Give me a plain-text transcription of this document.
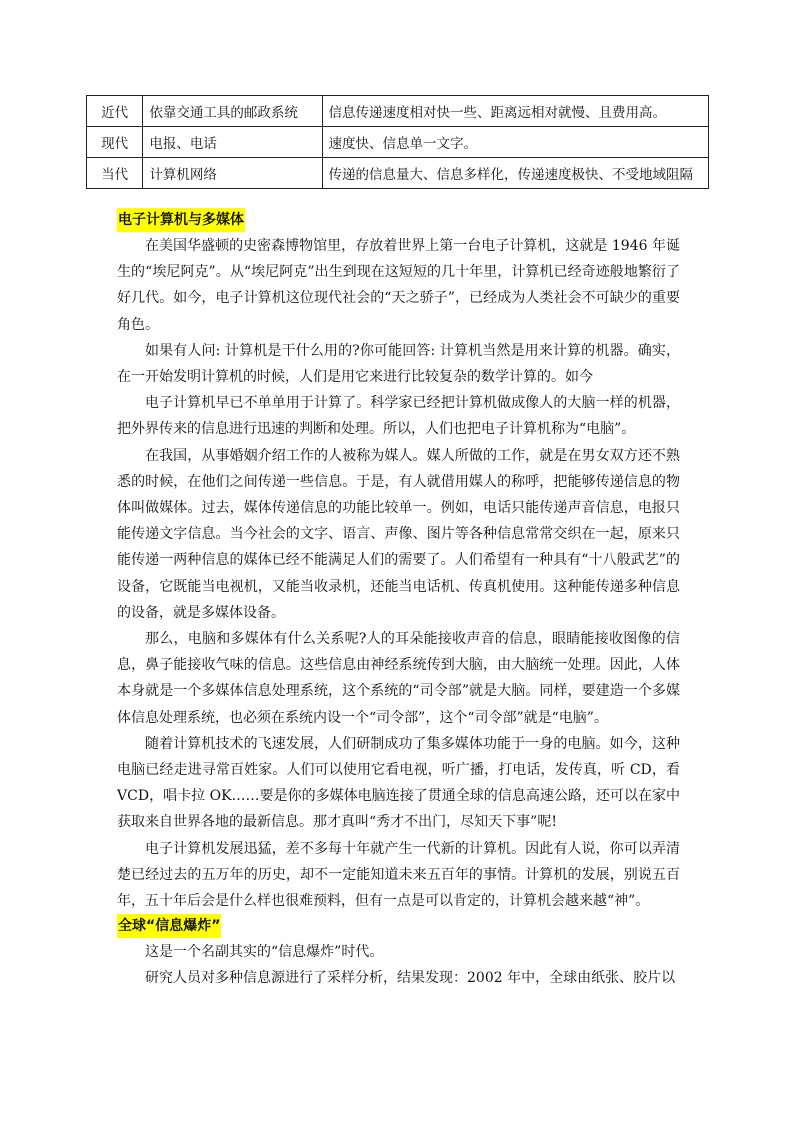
近代	依靠交通工具的邮政系统	信息传递速度相对快一些、距离远相对就慢、且费用高。
现代	电报、电话	速度快、信息单一文字。
当代	计算机网络	传递的信息量大、信息多样化，传递速度极快、不受地域阻隔
电子计算机与多媒体

在美国华盛顿的史密森博物馆里，存放着世界上第一台电子计算机，这就是 1946 年诞生的“埃尼阿克”。从“埃尼阿克”出生到现在这短短的几十年里，计算机已经奇迹般地繁衍了好几代。如今，电子计算机这位现代社会的“天之骄子”，已经成为人类社会不可缺少的重要角色。

如果有人问: 计算机是干什么用的?你可能回答: 计算机当然是用来计算的机器。确实，在一开始发明计算机的时候，人们是用它来进行比较复杂的数学计算的。如今

电子计算机早已不单单用于计算了。科学家已经把计算机做成像人的大脑一样的机器，把外界传来的信息进行迅速的判断和处理。所以，人们也把电子计算机称为“电脑”。

在我国，从事婚姻介绍工作的人被称为媒人。媒人所做的工作，就是在男女双方还不熟悉的时候，在他们之间传递一些信息。于是，有人就借用媒人的称呼，把能够传递信息的物体叫做媒体。过去，媒体传递信息的功能比较单一。例如，电话只能传递声音信息，电报只能传递文字信息。当今社会的文字、语言、声像、图片等各种信息常常交织在一起，原来只能传递一两种信息的媒体已经不能满足人们的需要了。人们希望有一种具有“十八般武艺”的设备，它既能当电视机，又能当收录机，还能当电话机、传真机使用。这种能传递多种信息的设备，就是多媒体设备。

那么，电脑和多媒体有什么关系呢?人的耳朵能接收声音的信息，眼睛能接收图像的信息，鼻子能接收气味的信息。这些信息由神经系统传到大脑，由大脑统一处理。因此，人体本身就是一个多媒体信息处理系统，这个系统的“司令部”就是大脑。同样，要建造一个多媒体信息处理系统，也必须在系统内设一个“司令部”，这个“司令部”就是“电脑”。

随着计算机技术的飞速发展，人们研制成功了集多媒体功能于一身的电脑。如今，这种电脑已经走进寻常百姓家。人们可以使用它看电视，听广播，打电话，发传真，听 CD，看 VCD，唱卡拉 OK……要是你的多媒体电脑连接了贯通全球的信息高速公路，还可以在家中获取来自世界各地的最新信息。那才真叫“秀才不出门，尽知天下事”呢!

电子计算机发展迅猛，差不多每十年就产生一代新的计算机。因此有人说，你可以弄清楚已经过去的五万年的历史，却不一定能知道未来五百年的事情。计算机的发展，别说五百年，五十年后会是什么样也很难预料，但有一点是可以肯定的，计算机会越来越“神”。

全球“信息爆炸”

这是一个名副其实的“信息爆炸”时代。

研究人员对多种信息源进行了采样分析，结果发现：2002 年中，全球由纸张、胶片以
